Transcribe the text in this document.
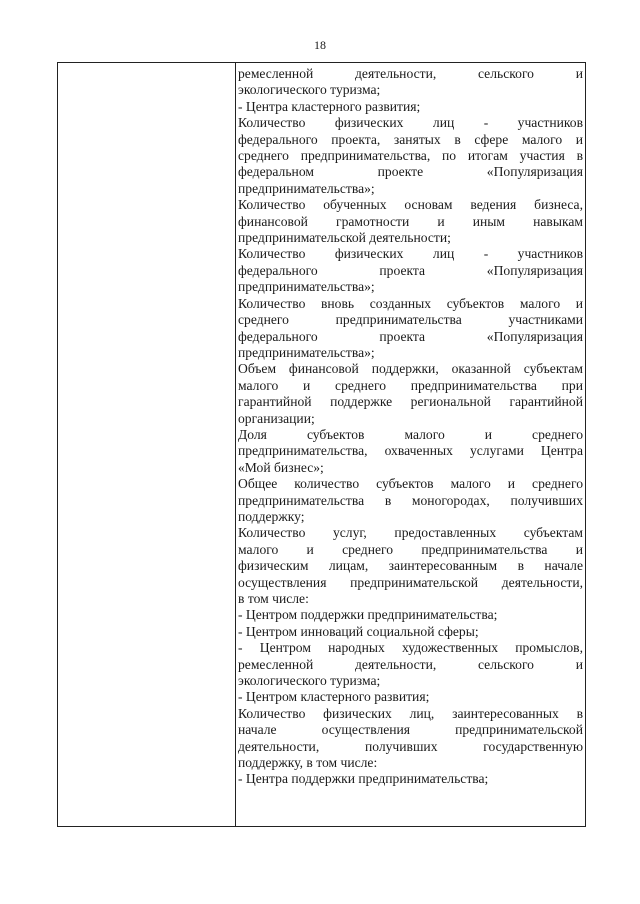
18
ремесленной деятельности, сельского и
экологического туризма;
- Центра кластерного развития;
Количество физических лиц - участников
федерального проекта, занятых в сфере малого и
среднего предпринимательства, по итогам участия в
федеральном проекте «Популяризация
предпринимательства»;
Количество обученных основам ведения бизнеса,
финансовой грамотности и иным навыкам
предпринимательской деятельности;
Количество физических лиц - участников
федерального проекта «Популяризация
предпринимательства»;
Количество вновь созданных субъектов малого и
среднего предпринимательства участниками
федерального проекта «Популяризация
предпринимательства»;
Объем финансовой поддержки, оказанной субъектам
малого и среднего предпринимательства при
гарантийной поддержке региональной гарантийной
организации;
Доля субъектов малого и среднего
предпринимательства, охваченных услугами Центра
«Мой бизнес»;
Общее количество субъектов малого и среднего
предпринимательства в моногородах, получивших
поддержку;
Количество услуг, предоставленных субъектам
малого и среднего предпринимательства и
физическим лицам, заинтересованным в начале
осуществления предпринимательской деятельности,
в том числе:
- Центром поддержки предпринимательства;
- Центром инноваций социальной сферы;
- Центром народных художественных промыслов,
ремесленной деятельности, сельского и
экологического туризма;
- Центром кластерного развития;
Количество физических лиц, заинтересованных в
начале осуществления предпринимательской
деятельности, получивших государственную
поддержку, в том числе:
- Центра поддержки предпринимательства;
